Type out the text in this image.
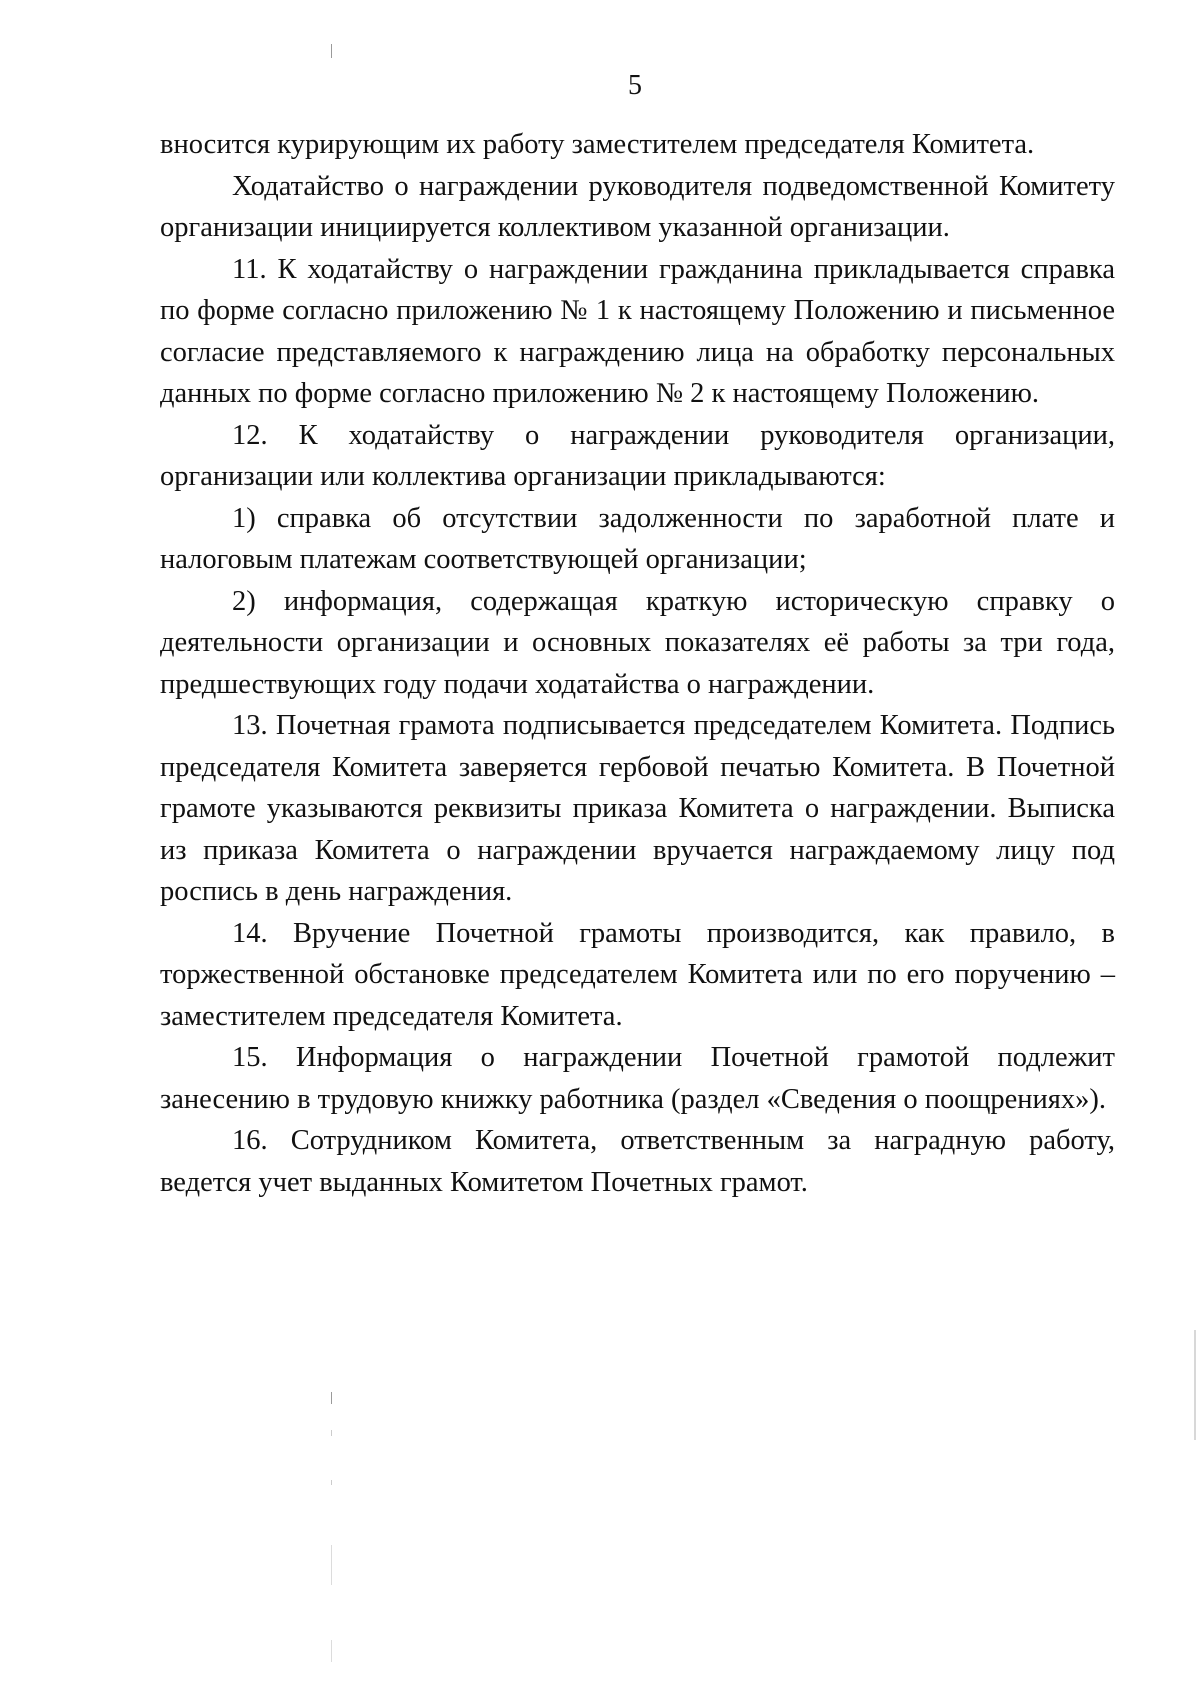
5

вносится курирующим их работу заместителем председателя Комитета.

Ходатайство о награждении руководителя подведомственной Комитету организации инициируется коллективом указанной организации.

11. К ходатайству о награждении гражданина прикладывается справка по форме согласно приложению № 1 к настоящему Положению и письменное согласие представляемого к награждению лица на обработку персональных данных по форме согласно приложению № 2 к настоящему Положению.

12. К ходатайству о награждении руководителя организации, организации или коллектива организации прикладываются:

1) справка об отсутствии задолженности по заработной плате и налоговым платежам соответствующей организации;

2) информация, содержащая краткую историческую справку о деятельности организации и основных показателях её работы за три года, предшествующих году подачи ходатайства о награждении.

13. Почетная грамота подписывается председателем Комитета. Подпись председателя Комитета заверяется гербовой печатью Комитета. В Почетной грамоте указываются реквизиты приказа Комитета о награждении. Выписка из приказа Комитета о награждении вручается награждаемому лицу под роспись в день награждения.

14. Вручение Почетной грамоты производится, как правило, в торжественной обстановке председателем Комитета или по его поручению – заместителем председателя Комитета.

15. Информация о награждении Почетной грамотой подлежит занесению в трудовую книжку работника (раздел «Сведения о поощрениях»).

16. Сотрудником Комитета, ответственным за наградную работу, ведется учет выданных Комитетом Почетных грамот.
